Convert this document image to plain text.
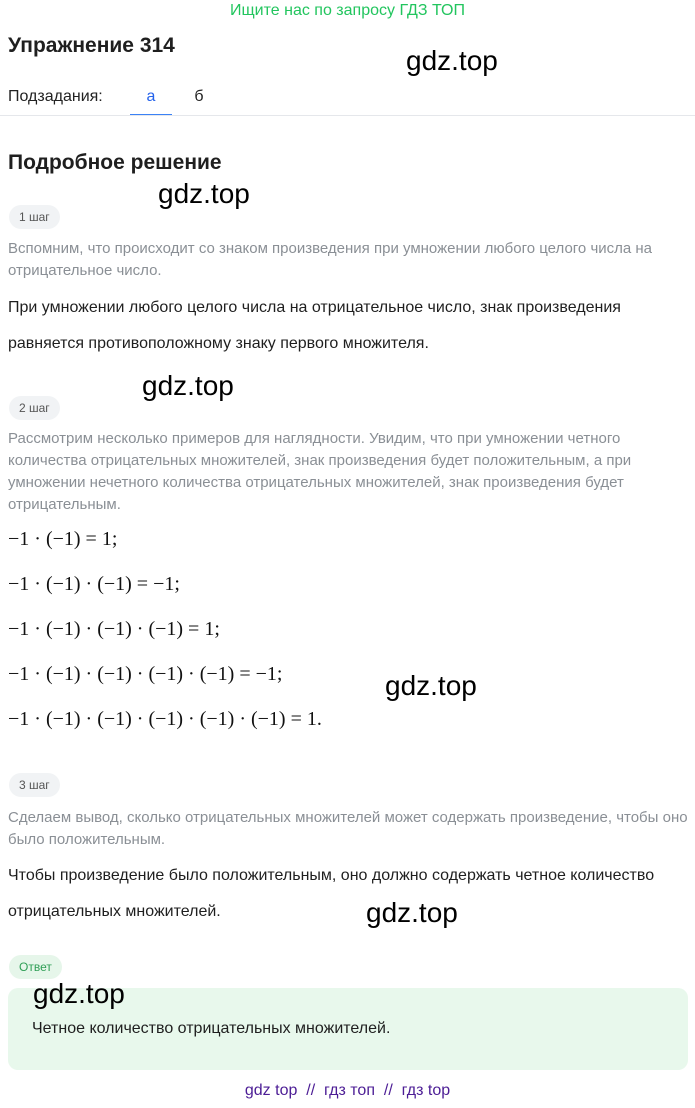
Ищите нас по запросу ГДЗ ТОП
Упражнение 314	gdz.top
Подзадания:	а	б
Подробное решение
gdz.top
1 шаг
Вспомним, что происходит со знаком произведения при умножении любого целого числа на отрицательное число.
При умножении любого целого числа на отрицательное число, знак произведения равняется противоположному знаку первого множителя.
gdz.top
2 шаг
Рассмотрим несколько примеров для наглядности. Увидим, что при умножении четного количества отрицательных множителей, знак произведения будет положительным, а при умножении нечетного количества отрицательных множителей, знак произведения будет отрицательным.
−1 · (−1) = 1;
−1 · (−1) · (−1) = −1;
−1 · (−1) · (−1) · (−1) = 1;
−1 · (−1) · (−1) · (−1) · (−1) = −1;	gdz.top
−1 · (−1) · (−1) · (−1) · (−1) · (−1) = 1.
3 шаг
Сделаем вывод, сколько отрицательных множителей может содержать произведение, чтобы оно было положительным.
Чтобы произведение было положительным, оно должно содержать четное количество отрицательных множителей.	gdz.top
Ответ
Четное количество отрицательных множителей.
gdz.top
gdz top  //  гдз топ  //  гдз top
